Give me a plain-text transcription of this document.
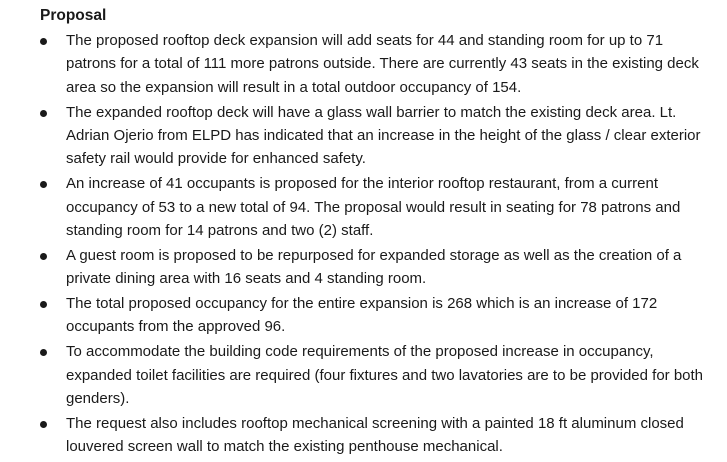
Proposal
The proposed rooftop deck expansion will add seats for 44 and standing room for up to 71 patrons for a total of 111 more patrons outside. There are currently 43 seats in the existing deck area so the expansion will result in a total outdoor occupancy of 154.
The expanded rooftop deck will have a glass wall barrier to match the existing deck area. Lt. Adrian Ojerio from ELPD has indicated that an increase in the height of the glass / clear exterior safety rail would provide for enhanced safety.
An increase of 41 occupants is proposed for the interior rooftop restaurant, from a current occupancy of 53 to a new total of 94. The proposal would result in seating for 78 patrons and standing room for 14 patrons and two (2) staff.
A guest room is proposed to be repurposed for expanded storage as well as the creation of a private dining area with 16 seats and 4 standing room.
The total proposed occupancy for the entire expansion is 268 which is an increase of 172 occupants from the approved 96.
To accommodate the building code requirements of the proposed increase in occupancy, expanded toilet facilities are required (four fixtures and two lavatories are to be provided for both genders).
The request also includes rooftop mechanical screening with a painted 18 ft aluminum closed louvered screen wall to match the existing penthouse mechanical.
